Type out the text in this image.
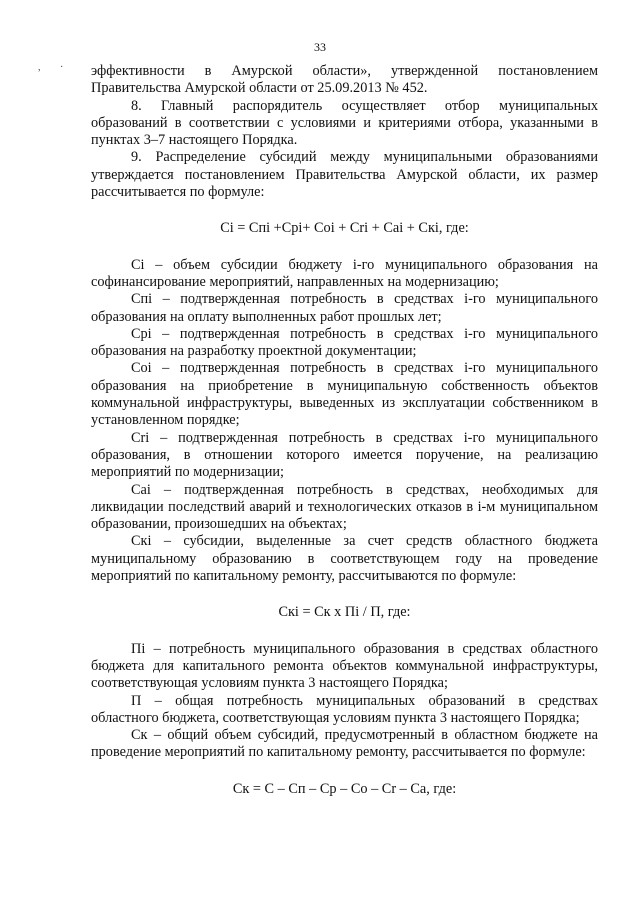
33
, · эффективности в Амурской области», утвержденной постановлением Правительства Амурской области от 25.09.2013 № 452.

8. Главный распорядитель осуществляет отбор муниципальных образований в соответствии с условиями и критериями отбора, указанными в пунктах 3–7 настоящего Порядка.

9. Распределение субсидий между муниципальными образованиями утверждается постановлением Правительства Амурской области, их размер рассчитывается по формуле:

Сi = Cпi +Срi+ Соi + Сri + Саi + Скi, где:

Сi – объем субсидии бюджету i-го муниципального образования на софинансирование мероприятий, направленных на модернизацию;

Cпi – подтвержденная потребность в средствах i-го муниципального образования на оплату выполненных работ прошлых лет;

Срi – подтвержденная потребность в средствах i-го муниципального образования на разработку проектной документации;

Соi – подтвержденная потребность в средствах i-го муниципального образования на приобретение в муниципальную собственность объектов коммунальной инфраструктуры, выведенных из эксплуатации собственником в установленном порядке;

Сri – подтвержденная потребность в средствах i-го муниципального образования, в отношении которого имеется поручение, на реализацию мероприятий по модернизации;

Саi – подтвержденная потребность в средствах, необходимых для ликвидации последствий аварий и технологических отказов в i-м муниципальном образовании, произошедших на объектах;

Скi – субсидии, выделенные за счет средств областного бюджета муниципальному образованию в соответствующем году на проведение мероприятий по капитальному ремонту, рассчитываются по формуле:

Скi = Ск х Пi / П, где:

Пi – потребность муниципального образования в средствах областного бюджета для капитального ремонта объектов коммунальной инфраструктуры, соответствующая условиям пункта 3 настоящего Порядка;

П – общая потребность муниципальных образований в средствах областного бюджета, соответствующая условиям пункта 3 настоящего Порядка;

Ск – общий объем субсидий, предусмотренный в областном бюджете на проведение мероприятий по капитальному ремонту, рассчитывается по формуле:

Ск = С – Сп – Ср – Со – Сr – Са, где:
